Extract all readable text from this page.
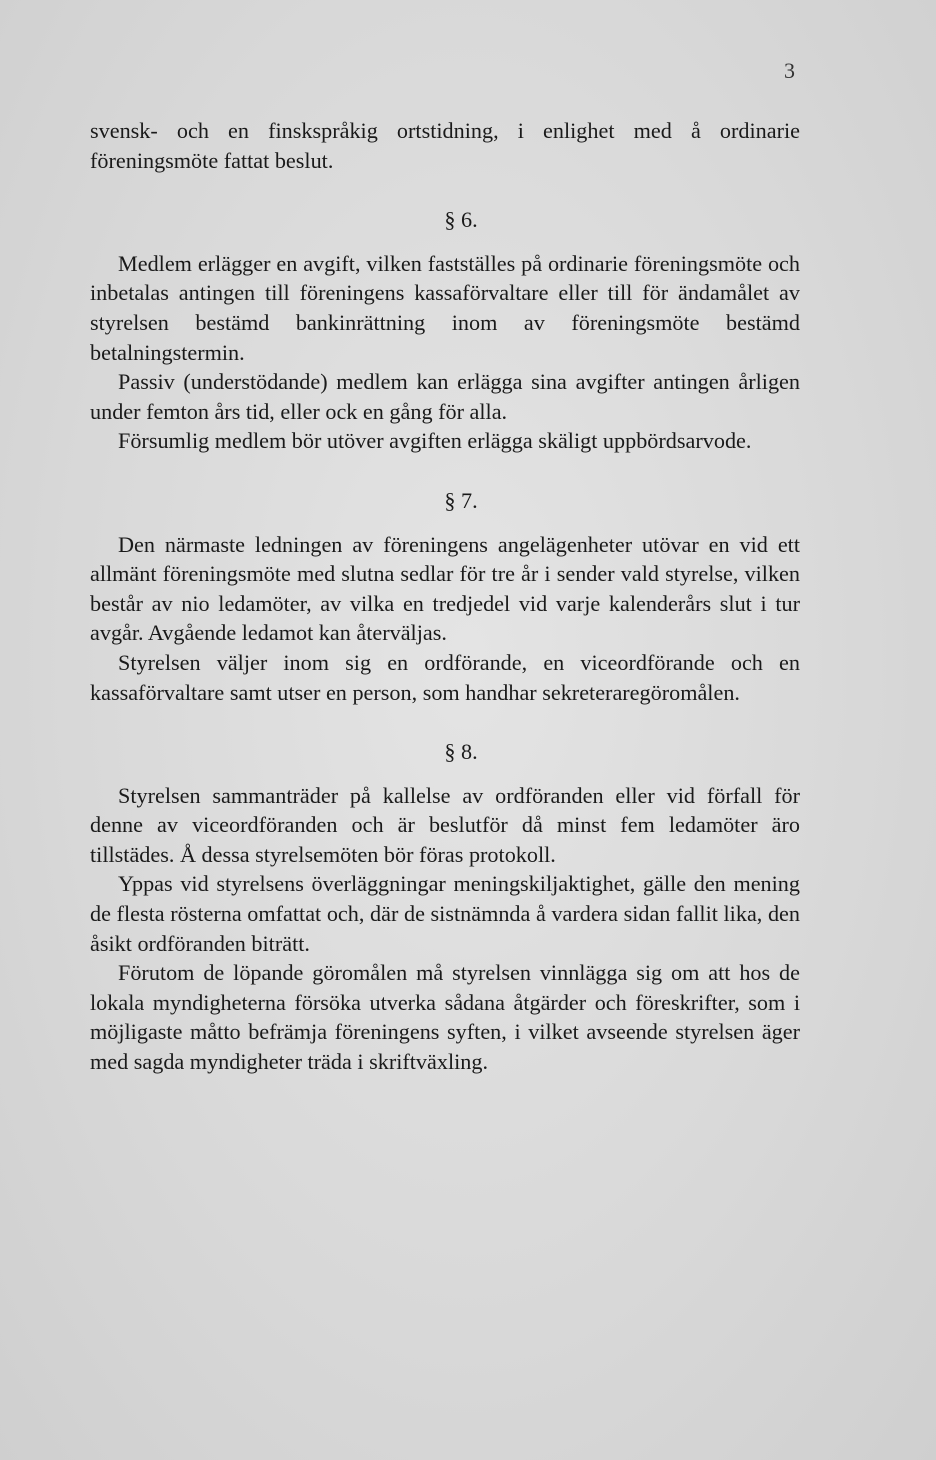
3

svensk- och en finskspråkig ortstidning, i enlighet med å ordinarie föreningsmöte fattat beslut.

§ 6.

Medlem erlägger en avgift, vilken fastställes på ordinarie föreningsmöte och inbetalas antingen till föreningens kassaförvaltare eller till för ändamålet av styrelsen bestämd bankinrättning inom av föreningsmöte bestämd betalningstermin.

Passiv (understödande) medlem kan erlägga sina avgifter antingen årligen under femton års tid, eller ock en gång för alla.

Försumlig medlem bör utöver avgiften erlägga skäligt uppbördsarvode.

§ 7.

Den närmaste ledningen av föreningens angelägenheter utövar en vid ett allmänt föreningsmöte med slutna sedlar för tre år i sender vald styrelse, vilken består av nio ledamöter, av vilka en tredjedel vid varje kalenderårs slut i tur avgår. Avgående ledamot kan återväljas.

Styrelsen väljer inom sig en ordförande, en viceordförande och en kassaförvaltare samt utser en person, som handhar sekreteraregöromålen.

§ 8.

Styrelsen sammanträder på kallelse av ordföranden eller vid förfall för denne av viceordföranden och är beslutför då minst fem ledamöter äro tillstädes. Å dessa styrelsemöten bör föras protokoll.

Yppas vid styrelsens överläggningar meningskiljaktighet, gälle den mening de flesta rösterna omfattat och, där de sistnämnda å vardera sidan fallit lika, den åsikt ordföranden biträtt.

Förutom de löpande göromålen må styrelsen vinnlägga sig om att hos de lokala myndigheterna försöka utverka sådana åtgärder och föreskrifter, som i möjligaste måtto befrämja föreningens syften, i vilket avseende styrelsen äger med sagda myndigheter träda i skriftväxling.
